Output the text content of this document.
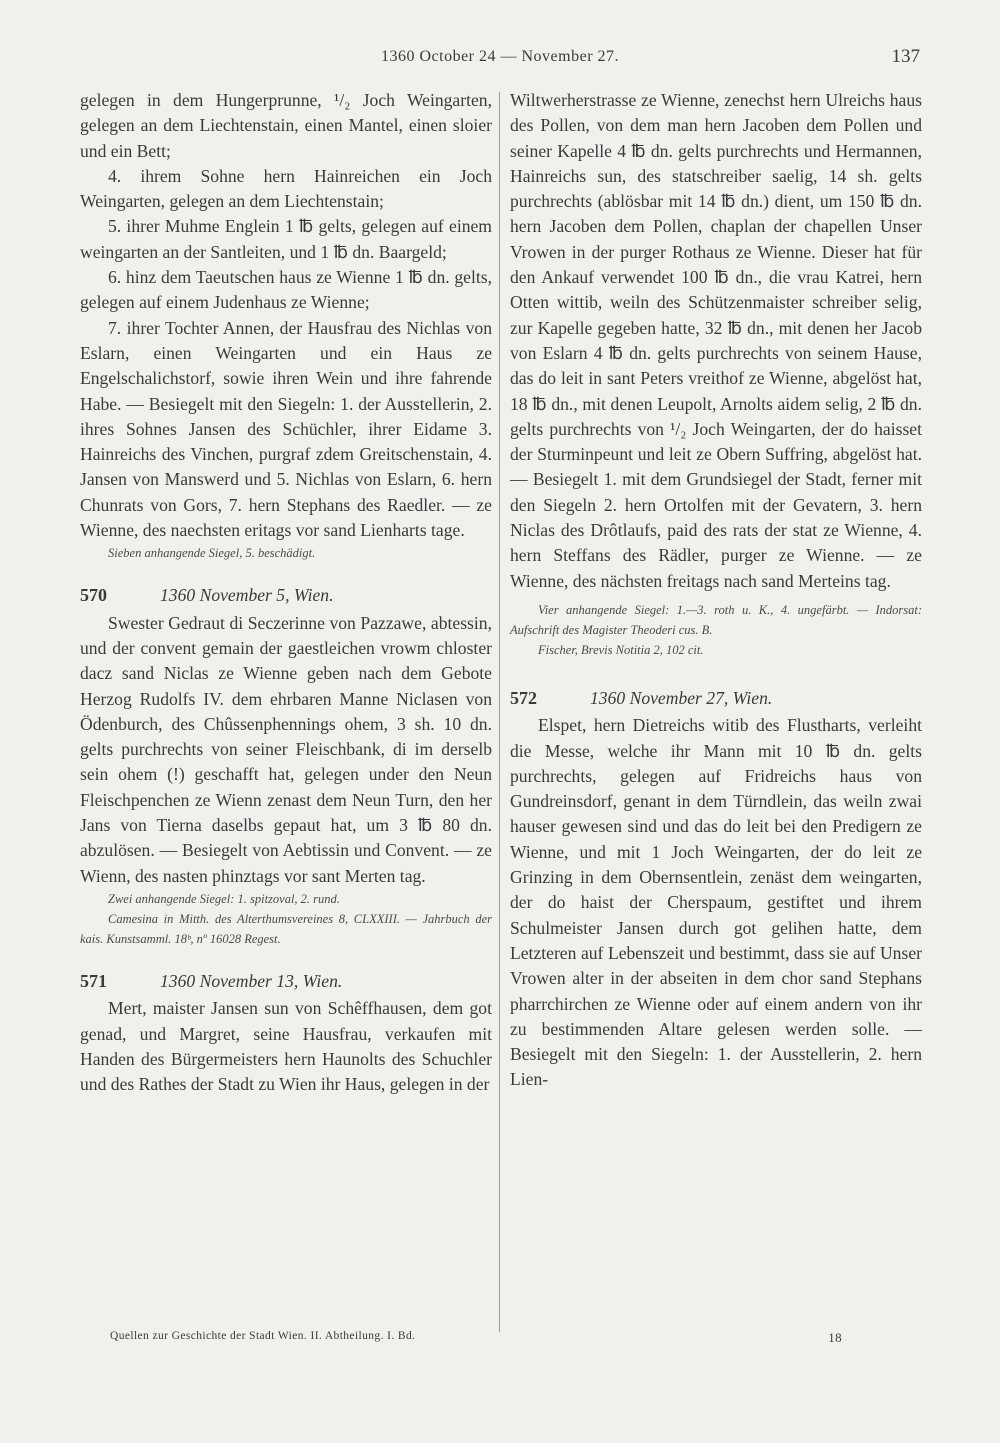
1360 October 24 — November 27.	137

gelegen in dem Hungerprunne, ¹/₂ Joch Weingarten, gelegen an dem Liechtenstain, einen Mantel, einen sloier und ein Bett;

4. ihrem Sohne hern Hainreichen ein Joch Weingarten, gelegen an dem Liechtenstain;

5. ihrer Muhme Englein 1 ℔ gelts, gelegen auf einem weingarten an der Santleiten, und 1 ℔ dn. Baargeld;

6. hinz dem Taeutschen haus ze Wienne 1 ℔ dn. gelts, gelegen auf einem Judenhaus ze Wienne;

7. ihrer Tochter Annen, der Hausfrau des Nichlas von Eslarn, einen Weingarten und ein Haus ze Engelschalichstorf, sowie ihren Wein und ihre fahrende Habe. — Besiegelt mit den Siegeln: 1. der Ausstellerin, 2. ihres Sohnes Jansen des Schüchler, ihrer Eidame 3. Hainreichs des Vinchen, purgraf zdem Greitschenstain, 4. Jansen von Manswerd und 5. Nichlas von Eslarn, 6. hern Chunrats von Gors, 7. hern Stephans des Raedler. — ze Wienne, des naechsten eritags vor sand Lienharts tage.

Sieben anhangende Siegel, 5. beschädigt.

570	1360 November 5, Wien.

Swester Gedraut di Seczerinne von Pazzawe, abtessin, und der convent gemain der gaestleichen vrowm chloster dacz sand Niclas ze Wienne geben nach dem Gebote Herzog Rudolfs IV. dem ehrbaren Manne Niclasen von Ödenburch, des Chûssenphennings ohem, 3 sh. 10 dn. gelts purchrechts von seiner Fleischbank, di im derselb sein ohem (!) geschafft hat, gelegen under den Neun Fleischpenchen ze Wienn zenast dem Neun Turn, den her Jans von Tierna daselbs gepaut hat, um 3 ℔ 80 dn. abzulösen. — Besiegelt von Aebtissin und Convent. — ze Wienn, des nasten phinztags vor sant Merten tag.

Zwei anhangende Siegel: 1. spitzoval, 2. rund.

Camesina in Mitth. des Alterthumsvereines 8, CLXXIII. — Jahrbuch der kais. Kunstsamml. 18ᵇ, nº 16028 Regest.

571	1360 November 13, Wien.

Mert, maister Jansen sun von Schêffhausen, dem got genad, und Margret, seine Hausfrau, verkaufen mit Handen des Bürgermeisters hern Haunolts des Schuchler und des Rathes der Stadt zu Wien ihr Haus, gelegen in der

Wiltwerherstrasse ze Wienne, zenechst hern Ulreichs haus des Pollen, von dem man hern Jacoben dem Pollen und seiner Kapelle 4 ℔ dn. gelts purchrechts und Hermannen, Hainreichs sun, des statschreiber saelig, 14 sh. gelts purchrechts (ablösbar mit 14 ℔ dn.) dient, um 150 ℔ dn. hern Jacoben dem Pollen, chaplan der chapellen Unser Vrowen in der purger Rothaus ze Wienne. Dieser hat für den Ankauf verwendet 100 ℔ dn., die vrau Katrei, hern Otten wittib, weiln des Schützenmaister schreiber selig, zur Kapelle gegeben hatte, 32 ℔ dn., mit denen her Jacob von Eslarn 4 ℔ dn. gelts purchrechts von seinem Hause, das do leit in sant Peters vreithof ze Wienne, abgelöst hat, 18 ℔ dn., mit denen Leupolt, Arnolts aidem selig, 2 ℔ dn. gelts purchrechts von ¹/₂ Joch Weingarten, der do haisset der Sturminpeunt und leit ze Obern Suffring, abgelöst hat. — Besiegelt 1. mit dem Grundsiegel der Stadt, ferner mit den Siegeln 2. hern Ortolfen mit der Gevatern, 3. hern Niclas des Drôtlaufs, paid des rats der stat ze Wienne, 4. hern Steffans des Rädler, purger ze Wienne. — ze Wienne, des nächsten freitags nach sand Merteins tag.

Vier anhangende Siegel: 1.—3. roth u. K., 4. ungefärbt. — Indorsat: Aufschrift des Magister Theoderi cus. B.

Fischer, Brevis Notitia 2, 102 cit.

572	1360 November 27, Wien.

Elspet, hern Dietreichs witib des Flustharts, verleiht die Messe, welche ihr Mann mit 10 ℔ dn. gelts purchrechts, gelegen auf Fridreichs haus von Gundreinsdorf, genant in dem Türndlein, das weiln zwai hauser gewesen sind und das do leit bei den Predigern ze Wienne, und mit 1 Joch Weingarten, der do leit ze Grinzing in dem Obernsentlein, zenäst dem weingarten, der do haist der Cherspaum, gestiftet und ihrem Schulmeister Jansen durch got gelihen hatte, dem Letzteren auf Lebenszeit und bestimmt, dass sie auf Unser Vrowen alter in der abseiten in dem chor sand Stephans pharrchirchen ze Wienne oder auf einem andern von ihr zu bestimmenden Altare gelesen werden solle. — Besiegelt mit den Siegeln: 1. der Ausstellerin, 2. hern Lien-

Quellen zur Geschichte der Stadt Wien. II. Abtheilung. I. Bd.	18
